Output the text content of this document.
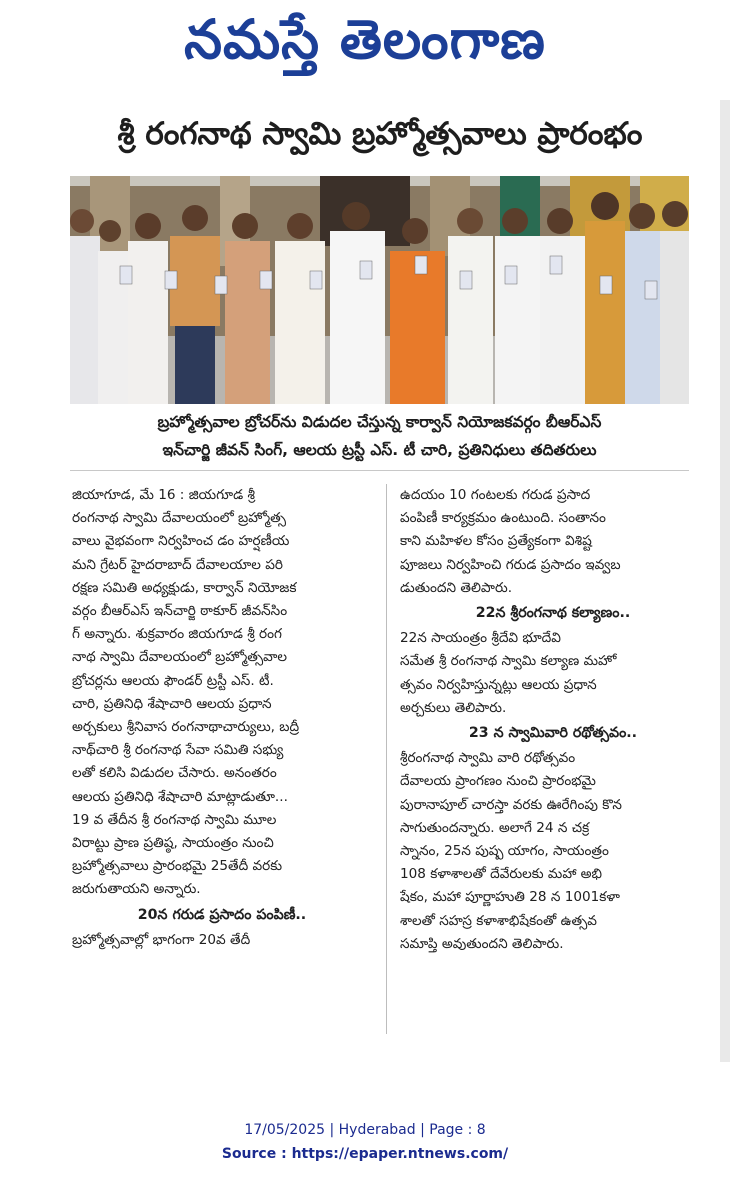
నమస్తే తెలంగాణ
శ్రీ రంగనాథ స్వామి బ్రహ్మోత్సవాలు ప్రారంభం
బ్రహ్మోత్సవాల బ్రోచర్‌ను విడుదల చేస్తున్న కార్వాన్ నియోజకవర్గం బీఆర్‌ఎస్
ఇన్‌చార్జి జీవన్ సింగ్, ఆలయ ట్రస్టీ ఎస్. టీ చారి, ప్రతినిధులు తదితరులు
జియాగూడ, మే 16 : జియగూడ శ్రీ
రంగనాథ స్వామి దేవాలయంలో బ్రహ్మోత్స
వాలు వైభవంగా నిర్వహించ డం హర్షణీయ
మని గ్రేటర్ హైదరాబాద్ దేవాలయాల పరి
రక్షణ సమితి అధ్యక్షుడు, కార్వాన్ నియోజక
వర్గం బీఆర్‌ఎస్ ఇన్‌చార్జి ఠాకూర్ జీవన్‌సిం
గ్ అన్నారు. శుక్రవారం జియగూడ శ్రీ రంగ
నాథ స్వామి దేవాలయంలో బ్రహ్మోత్సవాల
బ్రోచర్లను ఆలయ ఫౌండర్ ట్రస్టీ ఎస్. టీ.
చారి, ప్రతినిధి శేషాచారి ఆలయ ప్రధాన
అర్చకులు శ్రీనివాస రంగనాథాచార్యులు, బద్రీ
నాథ్‌చారి శ్రీ రంగనాథ సేవా సమితి సభ్యు
లతో కలిసి విడుదల చేసారు. అనంతరం
ఆలయ ప్రతినిధి శేషాచారి మాట్లాడుతూ...
19 వ తేదీన శ్రీ రంగనాథ స్వామి మూల
విరాట్టు ప్రాణ ప్రతిష్ఠ, సాయంత్రం నుంచి
బ్రహ్మోత్సవాలు ప్రారంభమై 25తేదీ వరకు
జరుగుతాయని అన్నారు.

20న గరుడ ప్రసాదం పంపిణీ..

బ్రహ్మోత్సవాల్లో భాగంగా 20వ తేదీ
ఉదయం 10 గంటలకు గరుడ ప్రసాద
పంపిణీ కార్యక్రమం ఉంటుంది. సంతానం
కాని మహిళల కోసం ప్రత్యేకంగా విశిష్ట
పూజలు నిర్వహించి గరుడ ప్రసాదం ఇవ్వబ
డుతుందని తెలిపారు.

22న శ్రీరంగనాథ కల్యాణం..

22న సాయంత్రం శ్రీదేవి భూదేవి
సమేత శ్రీ రంగనాథ స్వామి కల్యాణ మహో
త్సవం నిర్వహిస్తున్నట్లు ఆలయ ప్రధాన
అర్చకులు తెలిపారు.

23 న స్వామివారి రథోత్సవం..

శ్రీరంగనాథ స్వామి వారి రథోత్సవం
దేవాలయ ప్రాంగణం నుంచి ప్రారంభమై
పురానాపూల్ చారస్తా వరకు ఊరేగింపు కొన
సాగుతుందన్నారు. అలాగే 24 న చక్ర
స్నానం, 25న పుష్ప యాగం, సాయంత్రం
108 కళాశాలతో దేవేరులకు మహా అభి
షేకం, మహా పూర్ణాహుతి 28 న 1001కళా
శాలతో సహస్ర కళాశాభిషేకంతో ఉత్సవ
సమాప్తి అవుతుందని తెలిపారు.
17/05/2025 | Hyderabad | Page : 8
Source : https://epaper.ntnews.com/
